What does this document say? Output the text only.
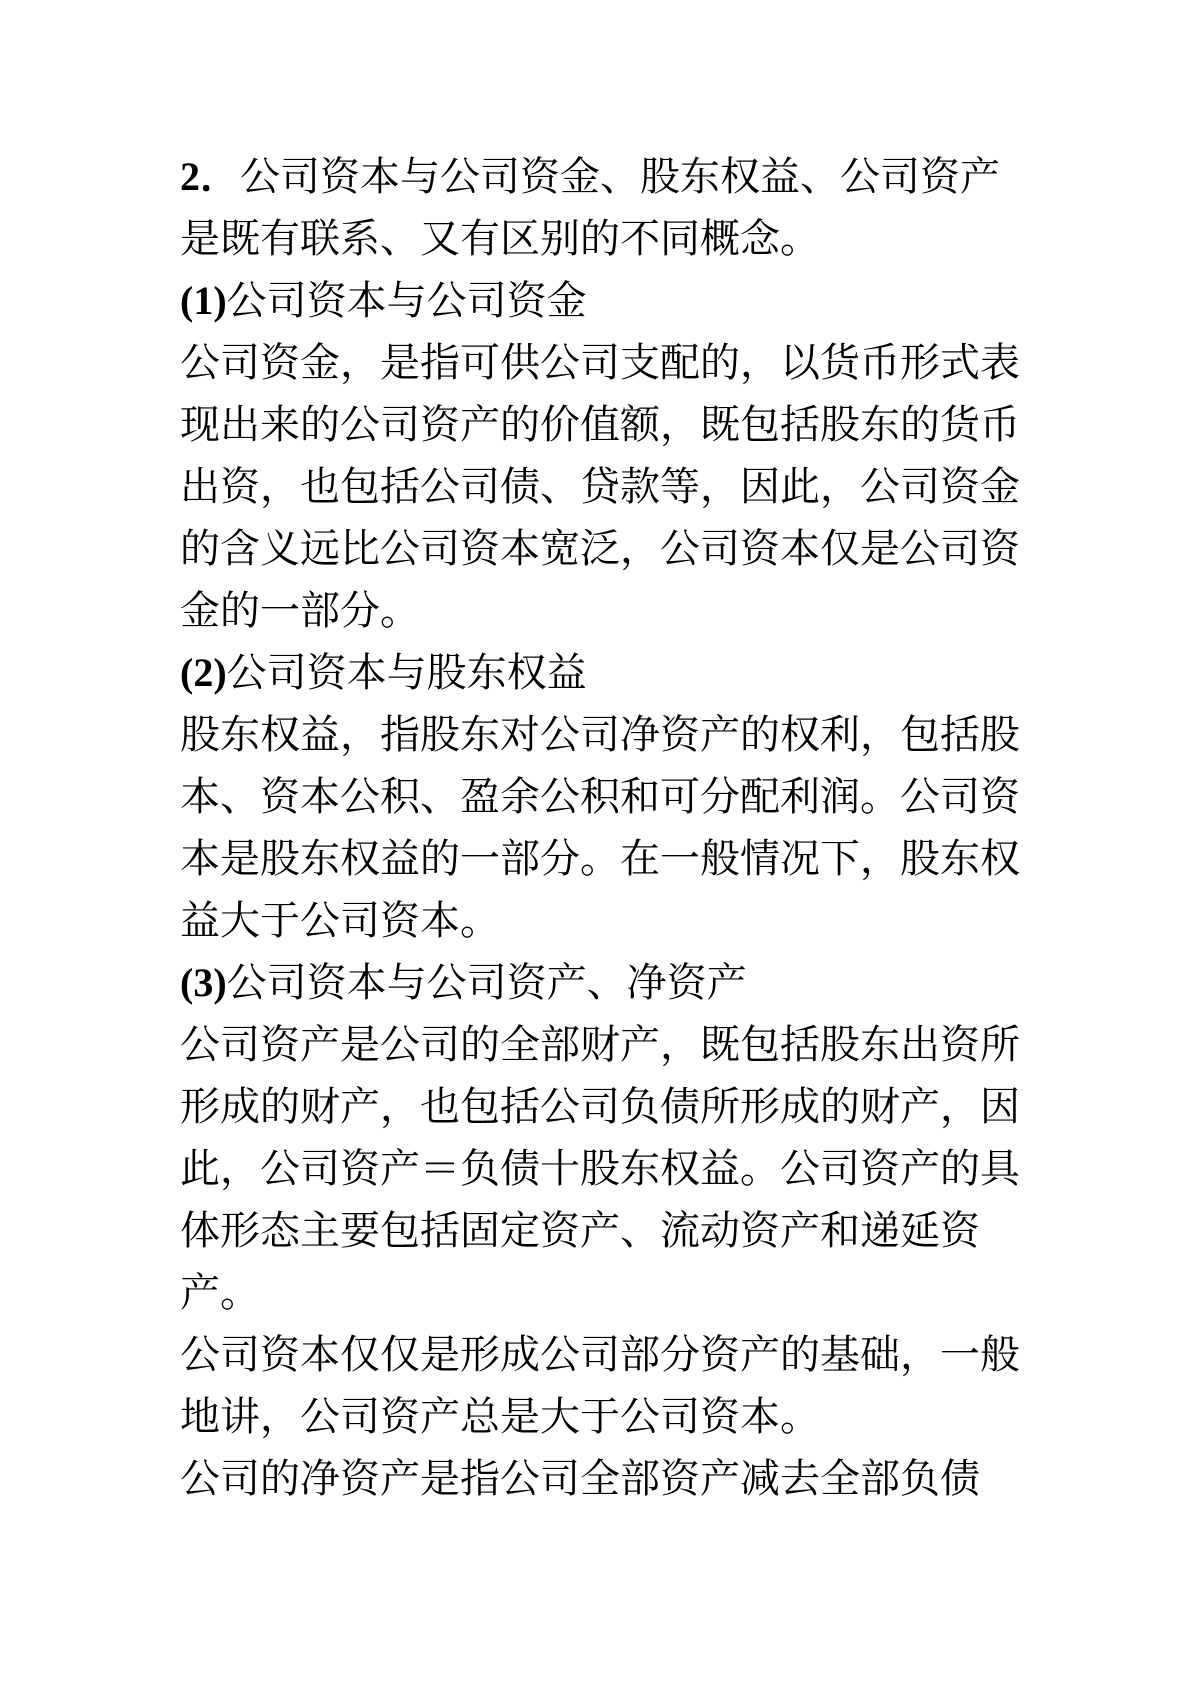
2．公司资本与公司资金、股东权益、公司资产
是既有联系、又有区别的不同概念。
(1)公司资本与公司资金
公司资金，是指可供公司支配的，以货币形式表
现出来的公司资产的价值额，既包括股东的货币
出资，也包括公司债、贷款等，因此，公司资金
的含义远比公司资本宽泛，公司资本仅是公司资
金的一部分。
(2)公司资本与股东权益
股东权益，指股东对公司净资产的权利，包括股
本、资本公积、盈余公积和可分配利润。公司资
本是股东权益的一部分。在一般情况下，股东权
益大于公司资本。
(3)公司资本与公司资产、净资产
公司资产是公司的全部财产，既包括股东出资所
形成的财产，也包括公司负债所形成的财产，因
此，公司资产＝负债十股东权益。公司资产的具
体形态主要包括固定资产、流动资产和递延资
产。
公司资本仅仅是形成公司部分资产的基础，一般
地讲，公司资产总是大于公司资本。
公司的净资产是指公司全部资产减去全部负债
